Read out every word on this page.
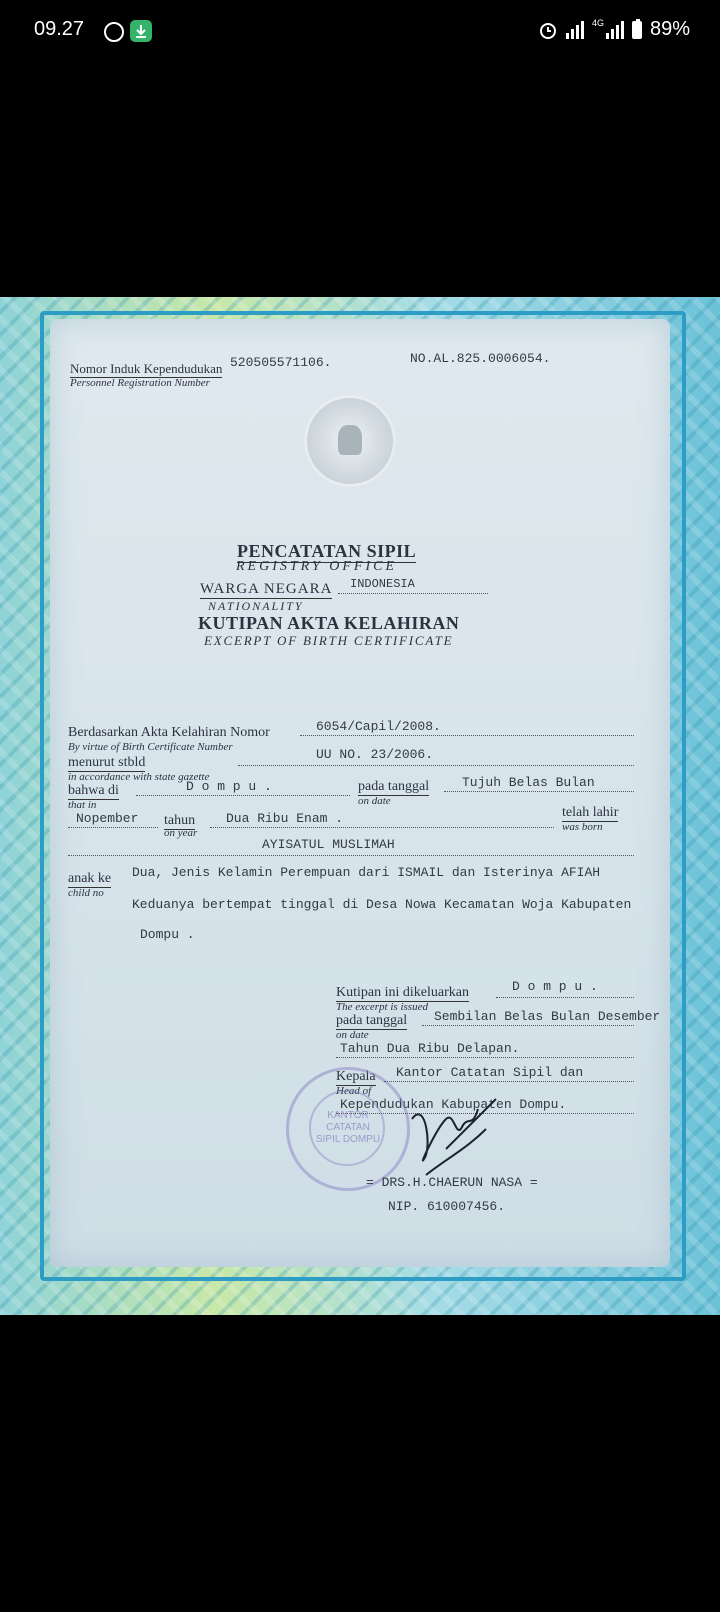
09.27	4G 89%
Nomor Induk Kependudukan
Personnel Registration Number
520505571106.	NO.AL.825.0006054.
PENCATATAN SIPIL
REGISTRY OFFICE
WARGA NEGARA
NATIONALITY
INDONESIA
KUTIPAN AKTA KELAHIRAN
EXCERPT OF BIRTH CERTIFICATE
Berdasarkan Akta Kelahiran Nomor
By virtue of Birth Certificate Number
6054/Capil/2008.
menurut stbld
in accordance with state gazette
UU NO. 23/2006.
bahwa di
that in
D o m p u .	pada tanggal
on date
Tujuh Belas Bulan
Nopember tahun
on year
Dua Ribu Enam .	telah lahir
was born
AYISATUL MUSLIMAH
anak ke
child no
Dua, Jenis Kelamin Perempuan dari ISMAIL dan Isterinya AFIAH
Keduanya bertempat tinggal di Desa Nowa Kecamatan Woja Kabupaten
Dompu .
Kutipan ini dikeluarkan
The excerpt is issued
D o m p u .
pada tanggal
on date
Sembilan Belas Bulan Desember
Tahun Dua Ribu Delapan.
Kepala
Head of
Kantor Catatan Sipil dan
Kependudukan Kabupaten Dompu.
KANTOR CATATAN SIPIL DOMPU
= DRS.H.CHAERUN NASA =
NIP. 610007456.
